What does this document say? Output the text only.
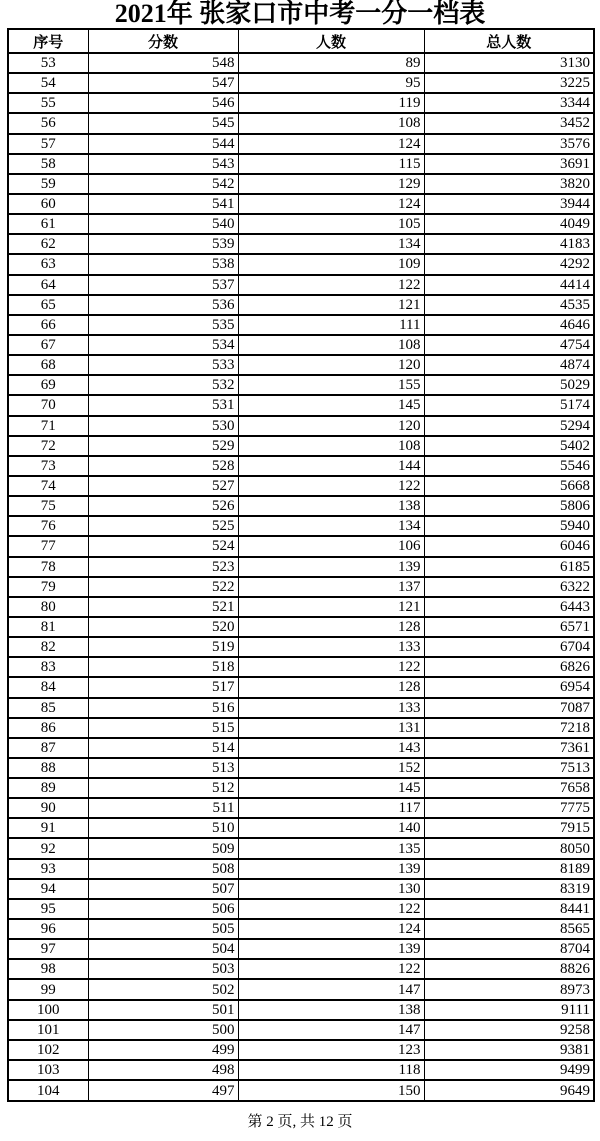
2021年 张家口市中考一分一档表
序号	分数	人数	总人数
53	548	89	3130
54	547	95	3225
55	546	119	3344
56	545	108	3452
57	544	124	3576
58	543	115	3691
59	542	129	3820
60	541	124	3944
61	540	105	4049
62	539	134	4183
63	538	109	4292
64	537	122	4414
65	536	121	4535
66	535	111	4646
67	534	108	4754
68	533	120	4874
69	532	155	5029
70	531	145	5174
71	530	120	5294
72	529	108	5402
73	528	144	5546
74	527	122	5668
75	526	138	5806
76	525	134	5940
77	524	106	6046
78	523	139	6185
79	522	137	6322
80	521	121	6443
81	520	128	6571
82	519	133	6704
83	518	122	6826
84	517	128	6954
85	516	133	7087
86	515	131	7218
87	514	143	7361
88	513	152	7513
89	512	145	7658
90	511	117	7775
91	510	140	7915
92	509	135	8050
93	508	139	8189
94	507	130	8319
95	506	122	8441
96	505	124	8565
97	504	139	8704
98	503	122	8826
99	502	147	8973
100	501	138	9111
101	500	147	9258
102	499	123	9381
103	498	118	9499
104	497	150	9649
第 2 页, 共 12 页
